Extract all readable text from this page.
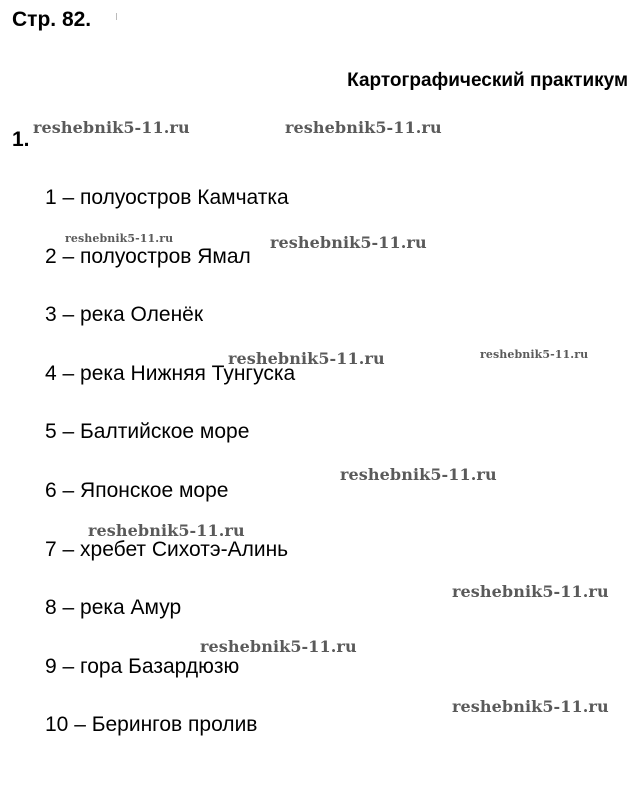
Стр. 82.
Картографический практикум
1.
1 – полуостров Камчатка
2 – полуостров Ямал
3 – река Оленёк
4 – река Нижняя Тунгуска
5 – Балтийское море
6 – Японское море
7 – хребет Сихотэ-Алинь
8 – река Амур
9 – гора Базардюзю
10 – Берингов пролив
reshebnik5-11.ru	reshebnik5-11.ru
reshebnik5-11.ru	reshebnik5-11.ru
reshebnik5-11.ru	reshebnik5-11.ru
reshebnik5-11.ru
reshebnik5-11.ru
reshebnik5-11.ru
reshebnik5-11.ru
reshebnik5-11.ru
